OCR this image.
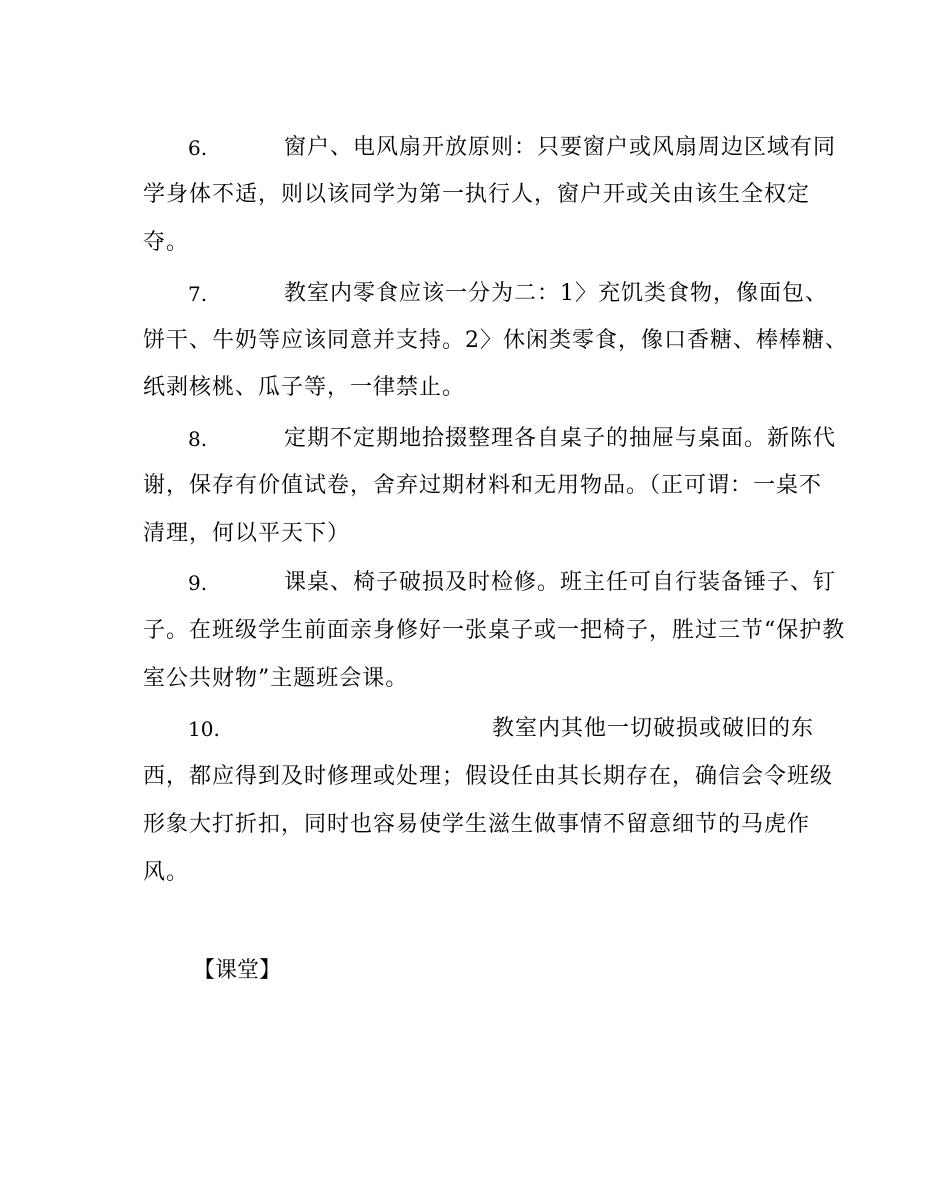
6.	窗户、电风扇开放原则：只要窗户或风扇周边区域有同
学身体不适，则以该同学为第一执行人，窗户开或关由该生全权定
夺。
7.	教室内零食应该一分为二：1〉充饥类食物，像面包、
饼干、牛奶等应该同意并支持。2〉休闲类零食，像口香糖、棒棒糖、
纸剥核桃、瓜子等，一律禁止。
8.	定期不定期地拾掇整理各自桌子的抽屉与桌面。新陈代
谢，保存有价值试卷，舍弃过期材料和无用物品。（正可谓：一桌不
清理，何以平天下）
9.	课桌、椅子破损及时检修。班主任可自行装备锤子、钉
子。在班级学生前面亲身修好一张桌子或一把椅子，胜过三节“保护教
室公共财物”主题班会课。
10.	教室内其他一切破损或破旧的东
西，都应得到及时修理或处理；假设任由其长期存在，确信会令班级
形象大打折扣，同时也容易使学生滋生做事情不留意细节的马虎作
风。
【课堂】
